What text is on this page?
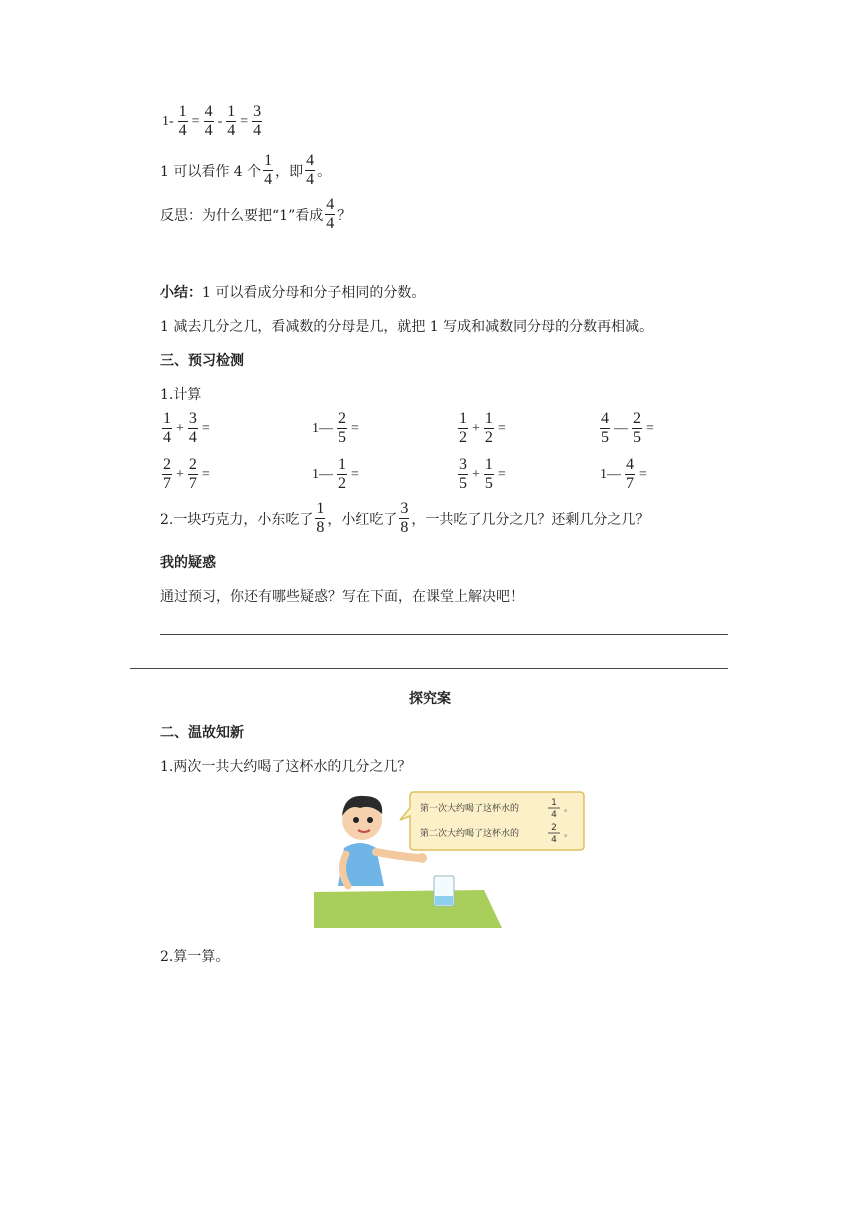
$1- \frac{1}{4} = \frac{4}{4} - \frac{1}{4} = \frac{3}{4}$
1 可以看作 4 个 $\frac{1}{4}$ ，即 $\frac{4}{4}$ 。
反思：为什么要把“1”看成 $\frac{4}{4}$ ？
小结：1 可以看成分母和分子相同的分数。
1 减去几分之几，看减数的分母是几，就把 1 写成和减数同分母的分数再相减。
三、预习检测
1.计算
$\frac{1}{4} + \frac{3}{4}$ =	1— $\frac{2}{5}$ =	$\frac{1}{2} + \frac{1}{2}$ =	$\frac{4}{5}$ — $\frac{2}{5}$ =
$\frac{2}{7} + \frac{2}{7}$ =	1— $\frac{1}{2}$ =	$\frac{3}{5} + \frac{1}{5}$ =	1— $\frac{4}{7}$ =
2.一块巧克力，小东吃了 $\frac{1}{8}$ ，小红吃了 $\frac{3}{8}$ ，一共吃了几分之几？还剩几分之几？
我的疑惑
通过预习，你还有哪些疑惑？写在下面，在课堂上解决吧！
探究案
二、温故知新
1.两次一共大约喝了这杯水的几分之几？
第一次大约喝了这杯水的
1
4
。
第二次大约喝了这杯水的
2
4
。
2.算一算。
